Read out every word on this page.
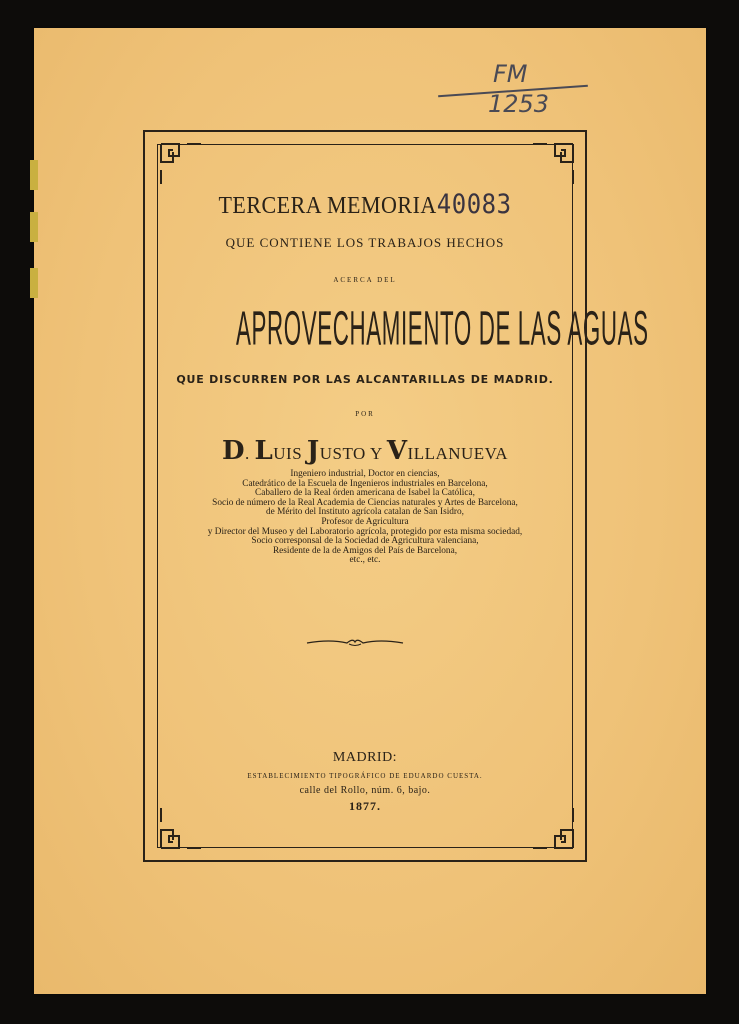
FM
1253
TERCERA MEMORIA40083
QUE CONTIENE LOS TRABAJOS HECHOS
ACERCA DEL
APROVECHAMIENTO DE LAS AGUAS
QUE DISCURREN POR LAS ALCANTARILLAS DE MADRID.
POR
D. LUIS JUSTO Y VILLANUEVA
Ingeniero industrial, Doctor en ciencias,
Catedrático de la Escuela de Ingenieros industriales en Barcelona,
Caballero de la Real órden americana de Isabel la Católica,
Socio de número de la Real Academia de Ciencias naturales y Artes de Barcelona,
de Mérito del Instituto agrícola catalan de San Isidro,
Profesor de Agricultura
y Director del Museo y del Laboratorio agrícola, protegido por esta misma sociedad,
Socio corresponsal de la Sociedad de Agricultura valenciana,
Residente de la de Amigos del País de Barcelona,
etc., etc.
MADRID:
ESTABLECIMIENTO TIPOGRÁFICO DE EDUARDO CUESTA.
calle del Rollo, núm. 6, bajo.
1877.
